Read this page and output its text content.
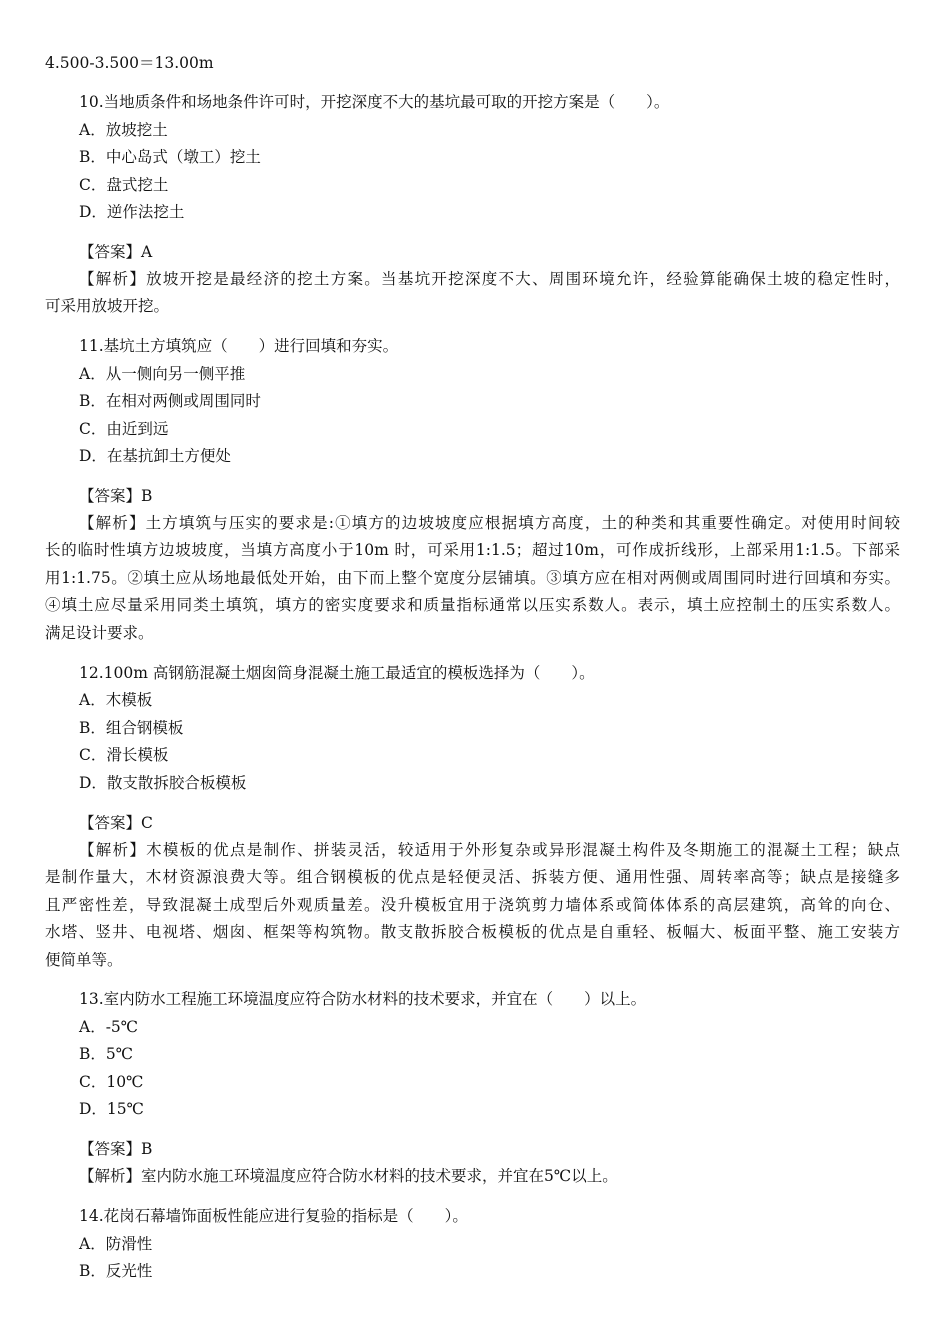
4.500-3.500＝13.00m
10.当地质条件和场地条件许可时，开挖深度不大的基坑最可取的开挖方案是（　　）。
A．放坡挖土
B．中心岛式（墩工）挖土
C．盘式挖土
D．逆作法挖土
【答案】A
【解析】放坡开挖是最经济的挖土方案。当基坑开挖深度不大、周围环境允许，经验算能确保土坡的稳定性时，
可采用放坡开挖。
11.基坑土方填筑应（　　）进行回填和夯实。
A．从一侧向另一侧平推
B．在相对两侧或周围同时
C．由近到远
D．在基抗卸土方便处
【答案】B
【解析】土方填筑与压实的要求是:①填方的边坡坡度应根据填方高度，土的种类和其重要性确定。对使用时间较
长的临时性填方边坡坡度，当填方高度小于10m 时，可采用1:1.5；超过10m，可作成折线形，上部采用1:1.5。下部采
用1:1.75。②填土应从场地最低处开始，由下而上整个宽度分层铺填。③填方应在相对两侧或周围同时进行回填和夯实。
④填土应尽量采用同类土填筑，填方的密实度要求和质量指标通常以压实系数人。表示，填土应控制土的压实系数人。
满足设计要求。
12.100m 高钢筋混凝土烟囱筒身混凝土施工最适宜的模板选择为（　　）。
A．木模板
B．组合钢模板
C．滑长模板
D．散支散拆胶合板模板
【答案】C
【解析】木模板的优点是制作、拼装灵活，较适用于外形复杂或异形混凝土构件及冬期施工的混凝土工程；缺点
是制作量大，木材资源浪费大等。组合钢模板的优点是轻便灵活、拆装方便、通用性强、周转率高等；缺点是接缝多
且严密性差，导致混凝土成型后外观质量差。没升模板宜用于浇筑剪力墙体系或简体体系的高层建筑，高耸的向仓、
水塔、竖井、电视塔、烟囱、框架等构筑物。散支散拆胶合板模板的优点是自重轻、板幅大、板面平整、施工安装方
便简单等。
13.室内防水工程施工环境温度应符合防水材料的技术要求，并宜在（　　）以上。
A．-5℃
B．5℃
C．10℃
D．15℃
【答案】B
【解析】室内防水施工环境温度应符合防水材料的技术要求，并宜在5℃以上。
14.花岗石幕墙饰面板性能应进行复验的指标是（　　）。
A．防滑性
B．反光性
